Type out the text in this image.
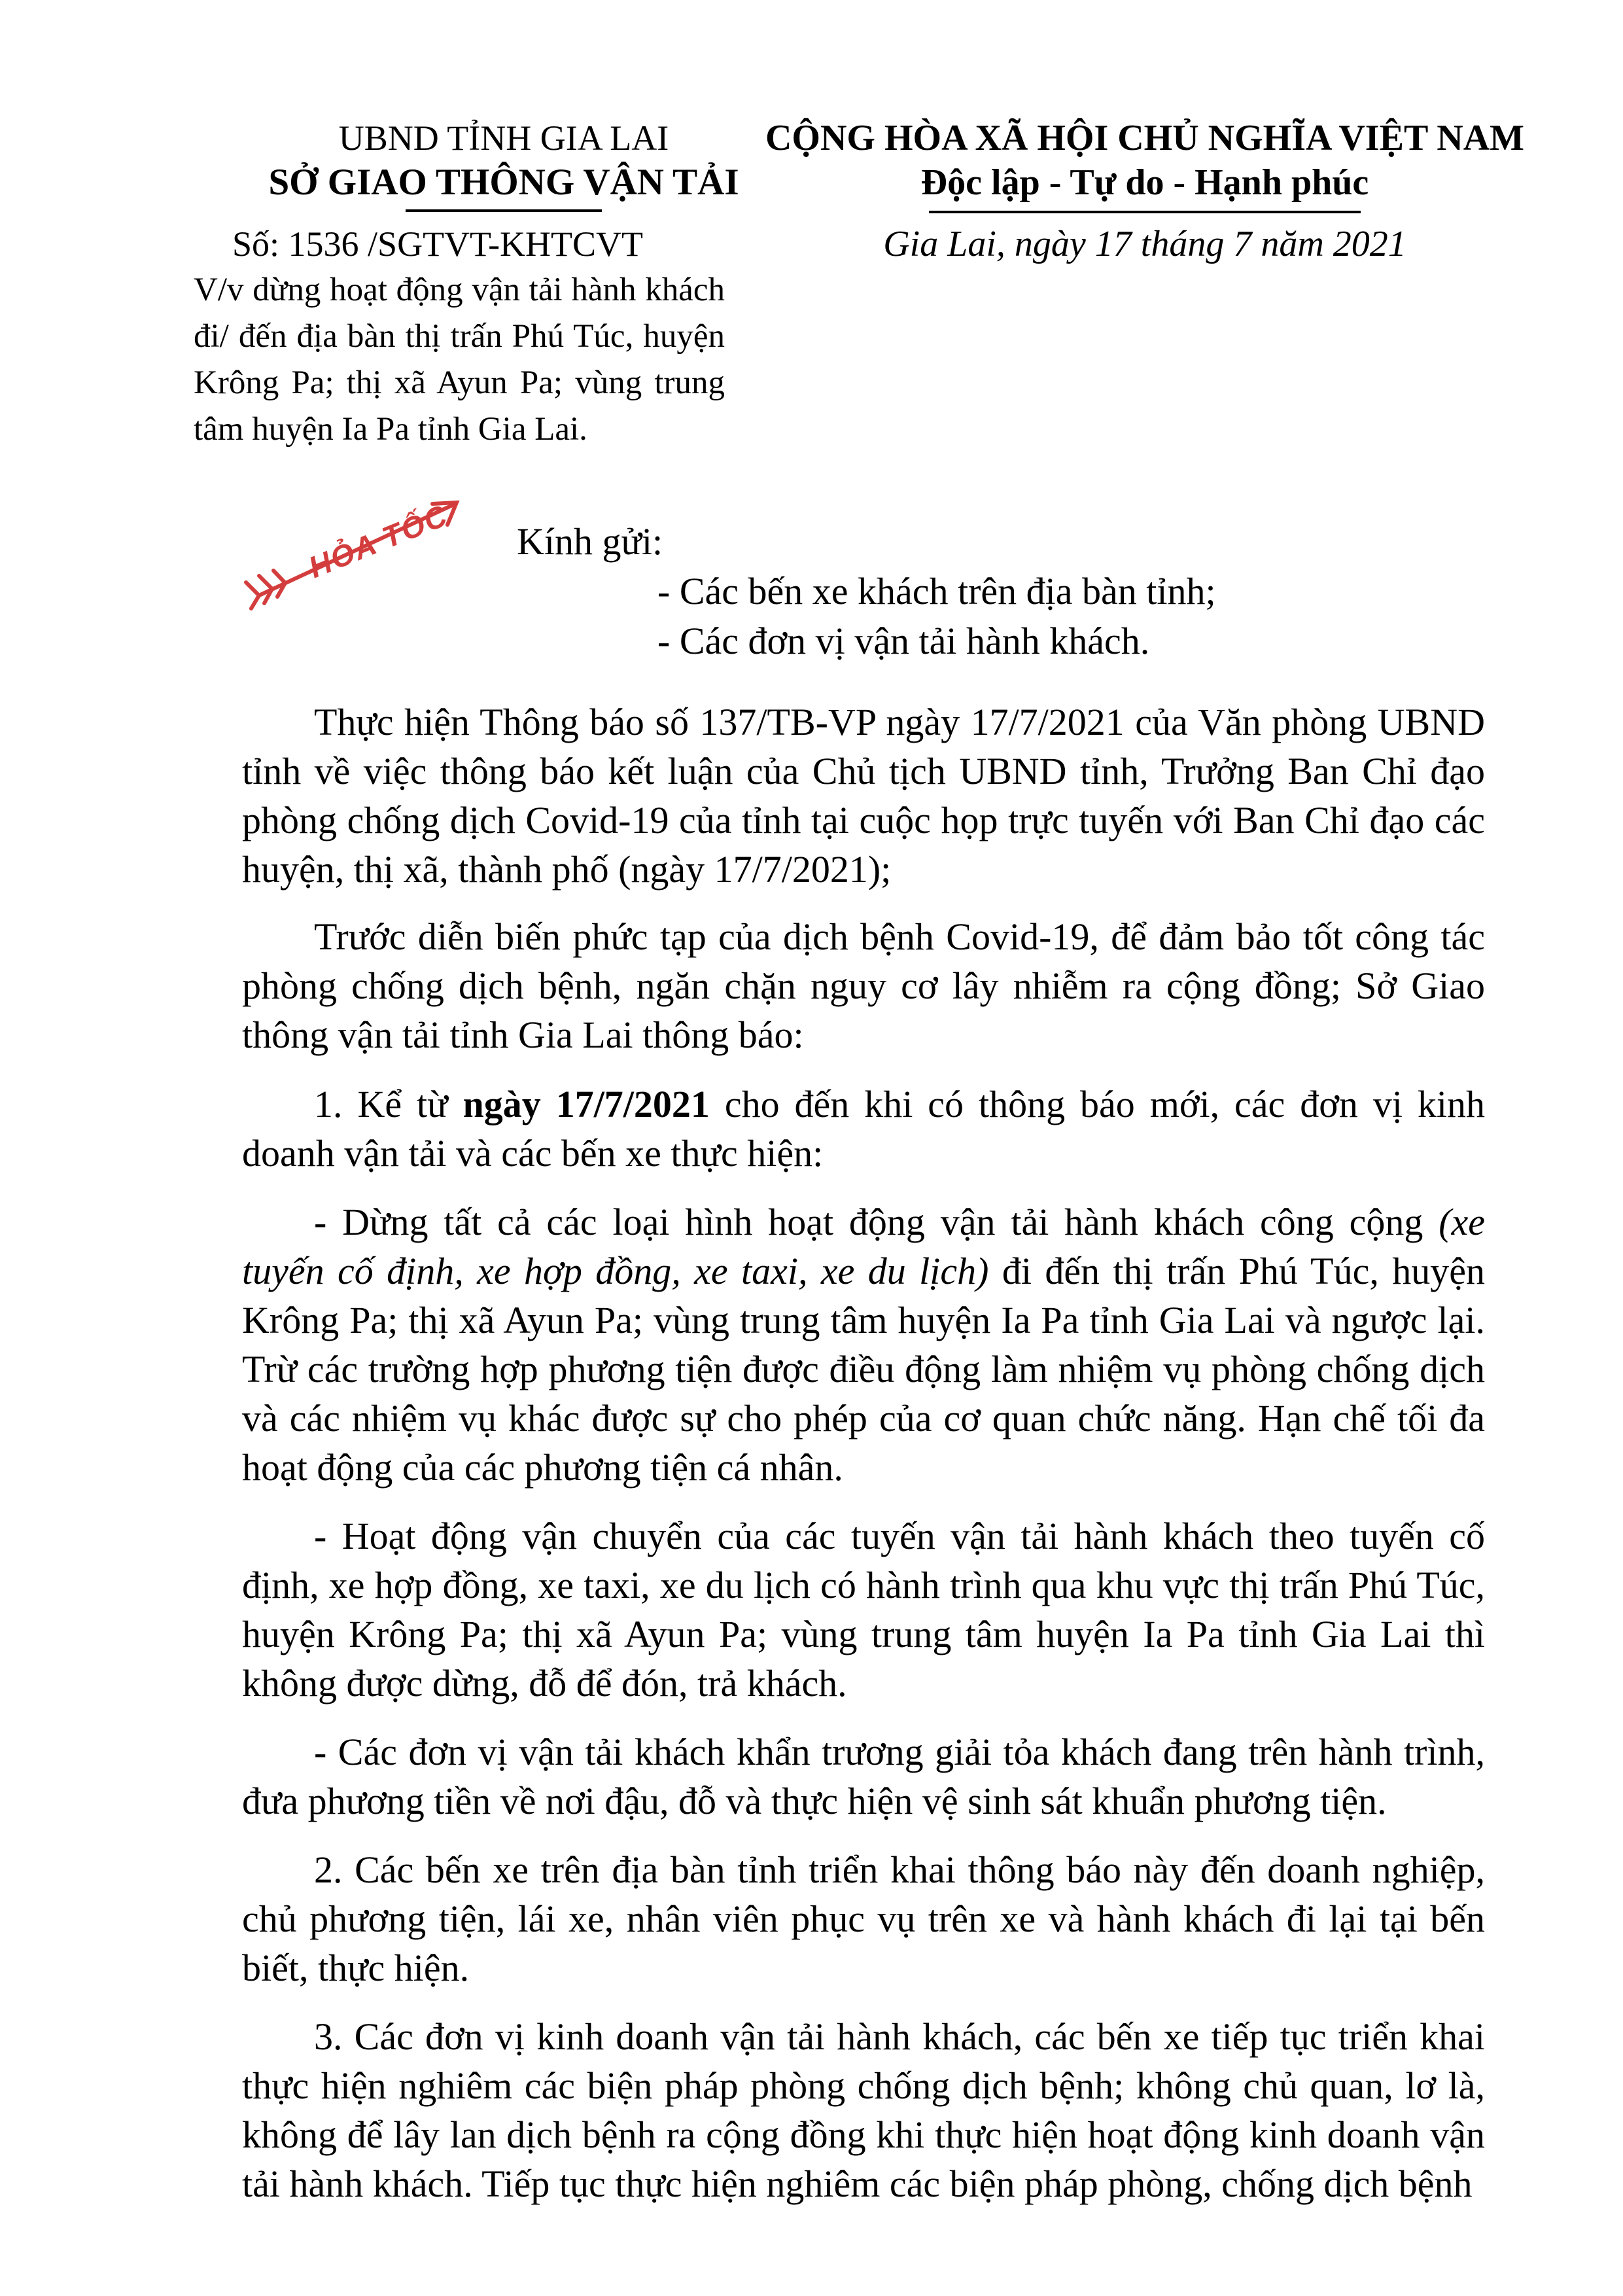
UBND TỈNH GIA LAI
SỞ GIAO THÔNG VẬN TẢI
Số: 1536 /SGTVT-KHTCVT
V/v dừng hoạt động vận tải hành khách đi/ đến địa bàn thị trấn Phú Túc, huyện Krông Pa; thị xã Ayun Pa; vùng trung tâm huyện Ia Pa tỉnh Gia Lai.
CỘNG HÒA XÃ HỘI CHỦ NGHĨA VIỆT NAM
Độc lập - Tự do - Hạnh phúc
Gia Lai, ngày 17 tháng 7 năm 2021
HỎA TỐC Kính gửi:
- Các bến xe khách trên địa bàn tỉnh;
- Các đơn vị vận tải hành khách.
Thực hiện Thông báo số 137/TB-VP ngày 17/7/2021 của Văn phòng UBND tỉnh về việc thông báo kết luận của Chủ tịch UBND tỉnh, Trưởng Ban Chỉ đạo phòng chống dịch Covid-19 của tỉnh tại cuộc họp trực tuyến với Ban Chỉ đạo các huyện, thị xã, thành phố (ngày 17/7/2021);
Trước diễn biến phức tạp của dịch bệnh Covid-19, để đảm bảo tốt công tác phòng chống dịch bệnh, ngăn chặn nguy cơ lây nhiễm ra cộng đồng; Sở Giao thông vận tải tỉnh Gia Lai thông báo:
1. Kể từ ngày 17/7/2021 cho đến khi có thông báo mới, các đơn vị kinh doanh vận tải và các bến xe thực hiện:
- Dừng tất cả các loại hình hoạt động vận tải hành khách công cộng (xe tuyến cố định, xe hợp đồng, xe taxi, xe du lịch) đi đến thị trấn Phú Túc, huyện Krông Pa; thị xã Ayun Pa; vùng trung tâm huyện Ia Pa tỉnh Gia Lai và ngược lại. Trừ các trường hợp phương tiện được điều động làm nhiệm vụ phòng chống dịch và các nhiệm vụ khác được sự cho phép của cơ quan chức năng. Hạn chế tối đa hoạt động của các phương tiện cá nhân.
- Hoạt động vận chuyển của các tuyến vận tải hành khách theo tuyến cố định, xe hợp đồng, xe taxi, xe du lịch có hành trình qua khu vực thị trấn Phú Túc, huyện Krông Pa; thị xã Ayun Pa; vùng trung tâm huyện Ia Pa tỉnh Gia Lai thì không được dừng, đỗ để đón, trả khách.
- Các đơn vị vận tải khách khẩn trương giải tỏa khách đang trên hành trình, đưa phương tiền về nơi đậu, đỗ và thực hiện vệ sinh sát khuẩn phương tiện.
2. Các bến xe trên địa bàn tỉnh triển khai thông báo này đến doanh nghiệp, chủ phương tiện, lái xe, nhân viên phục vụ trên xe và hành khách đi lại tại bến biết, thực hiện.
3. Các đơn vị kinh doanh vận tải hành khách, các bến xe tiếp tục triển khai thực hiện nghiêm các biện pháp phòng chống dịch bệnh; không chủ quan, lơ là, không để lây lan dịch bệnh ra cộng đồng khi thực hiện hoạt động kinh doanh vận tải hành khách. Tiếp tục thực hiện nghiêm các biện pháp phòng, chống dịch bệnh
